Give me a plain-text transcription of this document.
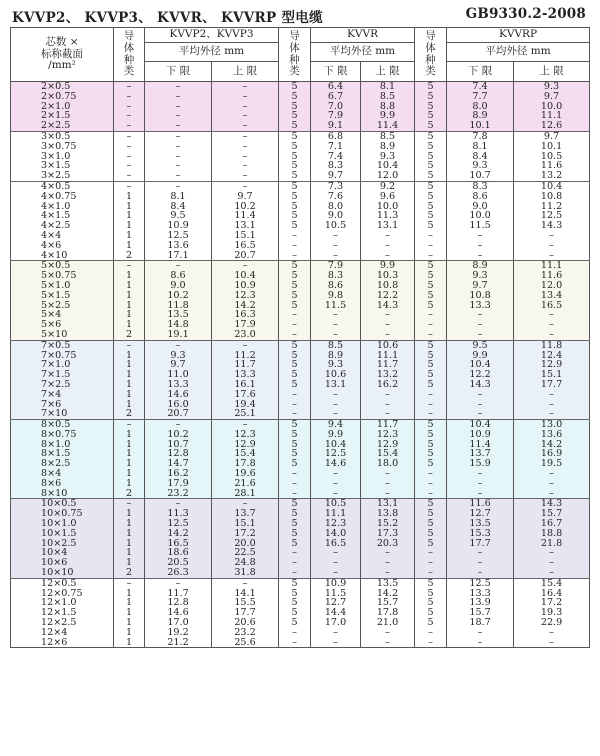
KVVP2、 KVVP3、 KVVR、 KVVRP 型电缆	GB9330.2-2008
芯数 ×
标称截面
/mm²	导体种类	KVVP2、KVVP3		导体种类	KVVR		导体种类	KVVRP	
		平均外径 mm			平均外径 mm			平均外径 mm	
		下 限	上 限		下 限	上 限		下 限	上 限
2×0.5	–	–	–	5	6.4	8.1	5	7.4	9.3
2×0.75	–	–	–	5	6.7	8.5	5	7.7	9.7
2×1.0	–	–	–	5	7.0	8.8	5	8.0	10.0
2×1.5	–	–	–	5	7.9	9.9	5	8.9	11.1
2×2.5	–	–	–	5	9.1	11.4	5	10.1	12.6
3×0.5	–	–	–	5	6.8	8.5	5	7.8	9.7
3×0.75	–	–	–	5	7.1	8.9	5	8.1	10.1
3×1.0	–	–	–	5	7.4	9.3	5	8.4	10.5
3×1.5	–	–	–	5	8.3	10.4	5	9.3	11.6
3×2.5	–	–	–	5	9.7	12.0	5	10.7	13.2
4×0.5	–	–	–	5	7.3	9.2	5	8.3	10.4
4×0.75	1	8.1	9.7	5	7.6	9.6	5	8.6	10.8
4×1.0	1	8.4	10.2	5	8.0	10.0	5	9.0	11.2
4×1.5	1	9.5	11.4	5	9.0	11.3	5	10.0	12.5
4×2.5	1	10.9	13.1	5	10.5	13.1	5	11.5	14.3
4×4	1	12.5	15.1	–	–	–	–	–	–
4×6	1	13.6	16.5	–	–	–	–	–	–
4×10	2	17.1	20.7	–	–	–	–	–	–
5×0.5	–	–	–	5	7.9	9.9	5	8.9	11.1
5×0.75	1	8.6	10.4	5	8.3	10.3	5	9.3	11.6
5×1.0	1	9.0	10.9	5	8.6	10.8	5	9.7	12.0
5×1.5	1	10.2	12.3	5	9.8	12.2	5	10.8	13.4
5×2.5	1	11.8	14.2	5	11.5	14.3	5	13.3	16.5
5×4	1	13.5	16.3	–	–	–	–	–	–
5×6	1	14.8	17.9	–	–	–	–	–	–
5×10	2	19.1	23.0	–	–	–	–	–	–
7×0.5	–	–	–	5	8.5	10.6	5	9.5	11.8
7×0.75	1	9.3	11.2	5	8.9	11.1	5	9.9	12.4
7×1.0	1	9.7	11.7	5	9.3	11.7	5	10.4	12.9
7×1.5	1	11.0	13.3	5	10.6	13.2	5	12.2	15.1
7×2.5	1	13.3	16.1	5	13.1	16.2	5	14.3	17.7
7×4	1	14.6	17.6	–	–	–	–	–	–
7×6	1	16.0	19.4	–	–	–	–	–	–
7×10	2	20.7	25.1	–	–	–	–	–	–
8×0.5	–	–	–	5	9.4	11.7	5	10.4	13.0
8×0.75	1	10.2	12.3	5	9.9	12.3	5	10.9	13.6
8×1.0	1	10.7	12.9	5	10.4	12.9	5	11.4	14.2
8×1.5	1	12.8	15.4	5	12.5	15.4	5	13.7	16.9
8×2.5	1	14.7	17.8	5	14.6	18.0	5	15.9	19.5
8×4	1	16.2	19.6	–	–	–	–	–	–
8×6	1	17.9	21.6	–	–	–	–	–	–
8×10	2	23.2	28.1	–	–	–	–	–	–
10×0.5	–	–	–	5	10.5	13.1	5	11.6	14.3
10×0.75	1	11.3	13.7	5	11.1	13.8	5	12.7	15.7
10×1.0	1	12.5	15.1	5	12.3	15.2	5	13.5	16.7
10×1.5	1	14.2	17.2	5	14.0	17.3	5	15.3	18.8
10×2.5	1	16.5	20.0	5	16.5	20.3	5	17.7	21.8
10×4	1	18.6	22.5	–	–	–	–	–	–
10×6	1	20.5	24.8	–	–	–	–	–	–
10×10	2	26.3	31.8	–	–	–	–	–	–
12×0.5	–	–	–	5	10.9	13.5	5	12.5	15.4
12×0.75	1	11.7	14.1	5	11.5	14.2	5	13.3	16.4
12×1.0	1	12.8	15.5	5	12.7	15.7	5	13.9	17.2
12×1.5	1	14.6	17.7	5	14.4	17.8	5	15.7	19.3
12×2.5	1	17.0	20.6	5	17.0	21.0	5	18.7	22.9
12×4	1	19.2	23.2	–	–	–	–	–	–
12×6	1	21.2	25.6	–	–	–	–	–	–
